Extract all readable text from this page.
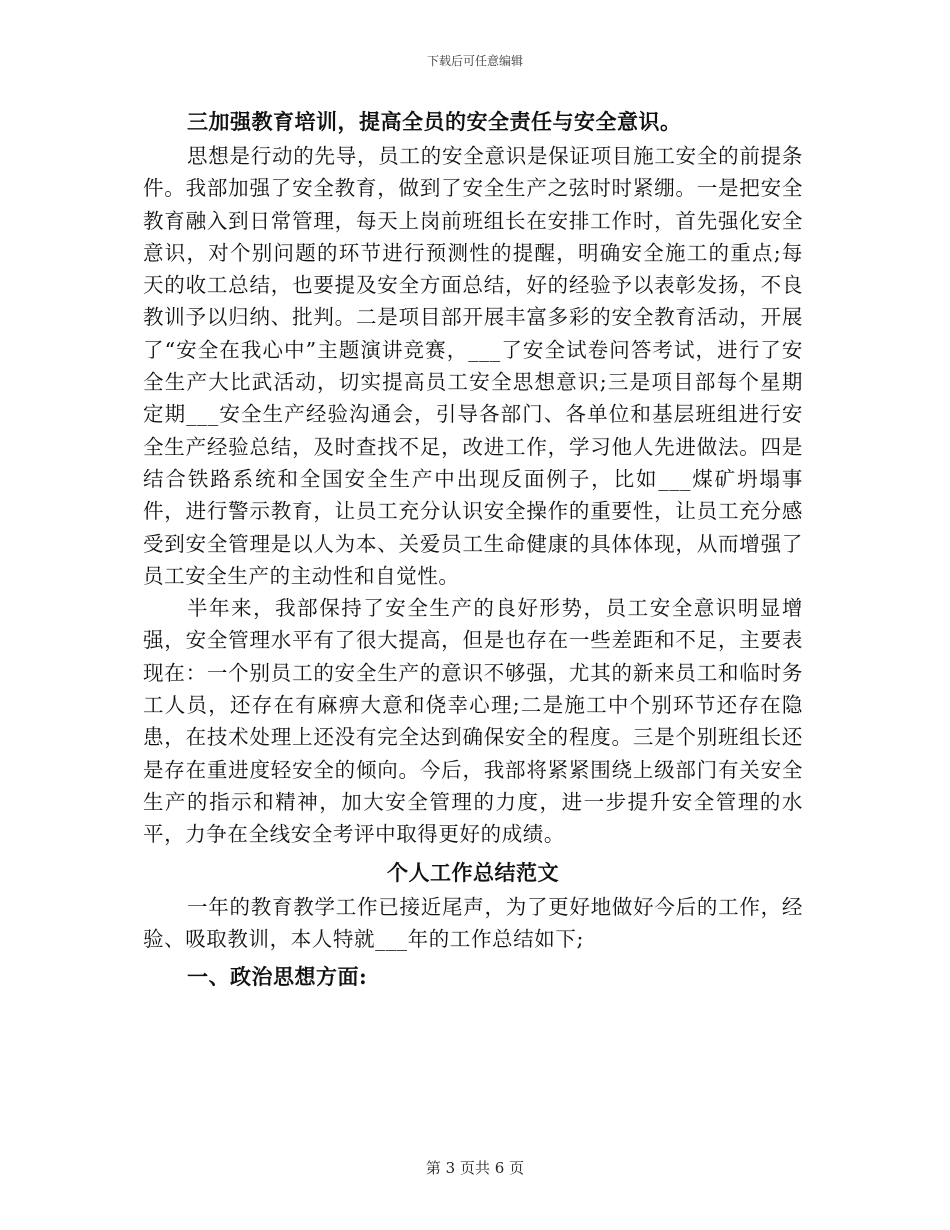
下载后可任意编辑
三加强教育培训，提高全员的安全责任与安全意识。

思想是行动的先导，员工的安全意识是保证项目施工安全的前提条件。我部加强了安全教育，做到了安全生产之弦时时紧绷。一是把安全教育融入到日常管理，每天上岗前班组长在安排工作时，首先强化安全意识，对个别问题的环节进行预测性的提醒，明确安全施工的重点;每天的收工总结，也要提及安全方面总结，好的经验予以表彰发扬，不良教训予以归纳、批判。二是项目部开展丰富多彩的安全教育活动，开展了“安全在我心中”主题演讲竞赛，___了安全试卷问答考试，进行了安全生产大比武活动，切实提高员工安全思想意识;三是项目部每个星期定期___安全生产经验沟通会，引导各部门、各单位和基层班组进行安全生产经验总结，及时查找不足，改进工作，学习他人先进做法。四是结合铁路系统和全国安全生产中出现反面例子，比如___煤矿坍塌事件，进行警示教育，让员工充分认识安全操作的重要性，让员工充分感受到安全管理是以人为本、关爱员工生命健康的具体体现，从而增强了员工安全生产的主动性和自觉性。

半年来，我部保持了安全生产的良好形势，员工安全意识明显增强，安全管理水平有了很大提高，但是也存在一些差距和不足，主要表现在：一个别员工的安全生产的意识不够强，尤其的新来员工和临时务工人员，还存在有麻痹大意和侥幸心理;二是施工中个别环节还存在隐患，在技术处理上还没有完全达到确保安全的程度。三是个别班组长还是存在重进度轻安全的倾向。今后，我部将紧紧围绕上级部门有关安全生产的指示和精神，加大安全管理的力度，进一步提升安全管理的水平，力争在全线安全考评中取得更好的成绩。

个人工作总结范文

一年的教育教学工作已接近尾声，为了更好地做好今后的工作，经验、吸取教训，本人特就___年的工作总结如下;

一、政治思想方面:
第 3 页共 6 页
